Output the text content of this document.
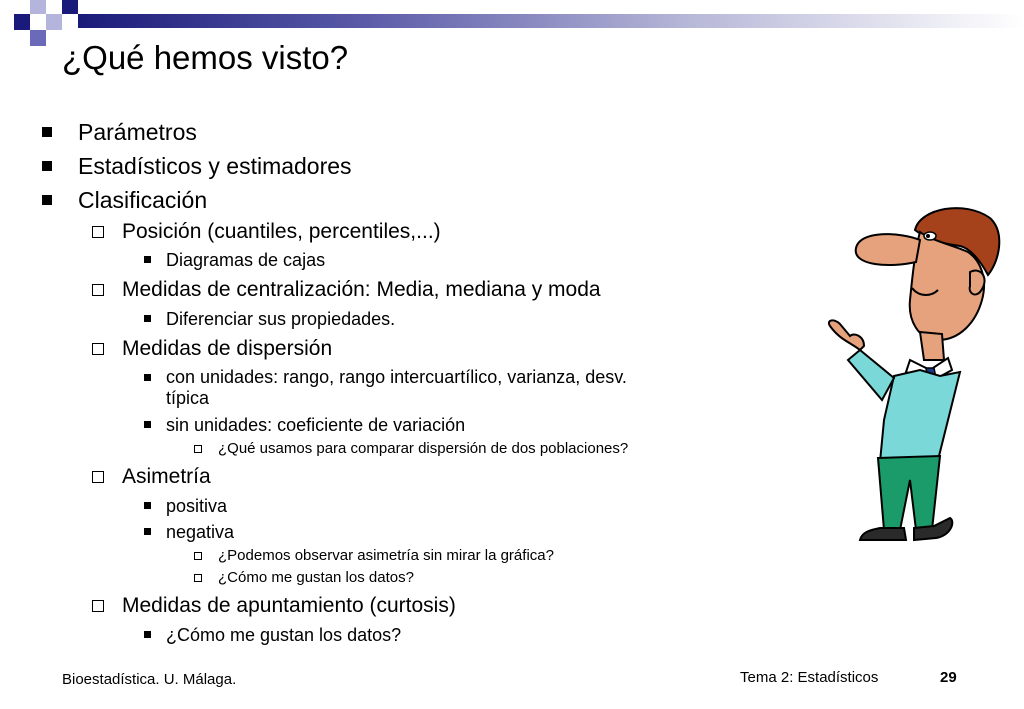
¿Qué hemos visto?
Parámetros
Estadísticos y estimadores
Clasificación
Posición (cuantiles, percentiles,...)
Diagramas de cajas
Medidas de centralización: Media, mediana y moda
Diferenciar sus propiedades.
Medidas de dispersión
con unidades: rango, rango intercuartílico, varianza, desv.
típica
sin unidades: coeficiente de variación
¿Qué usamos para comparar dispersión de dos poblaciones?
Asimetría
positiva
negativa
¿Podemos observar asimetría sin mirar la gráfica?
¿Cómo me gustan los datos?
Medidas de apuntamiento (curtosis)
¿Cómo me gustan los datos?
Bioestadística. U. Málaga.	Tema 2: Estadísticos	29
